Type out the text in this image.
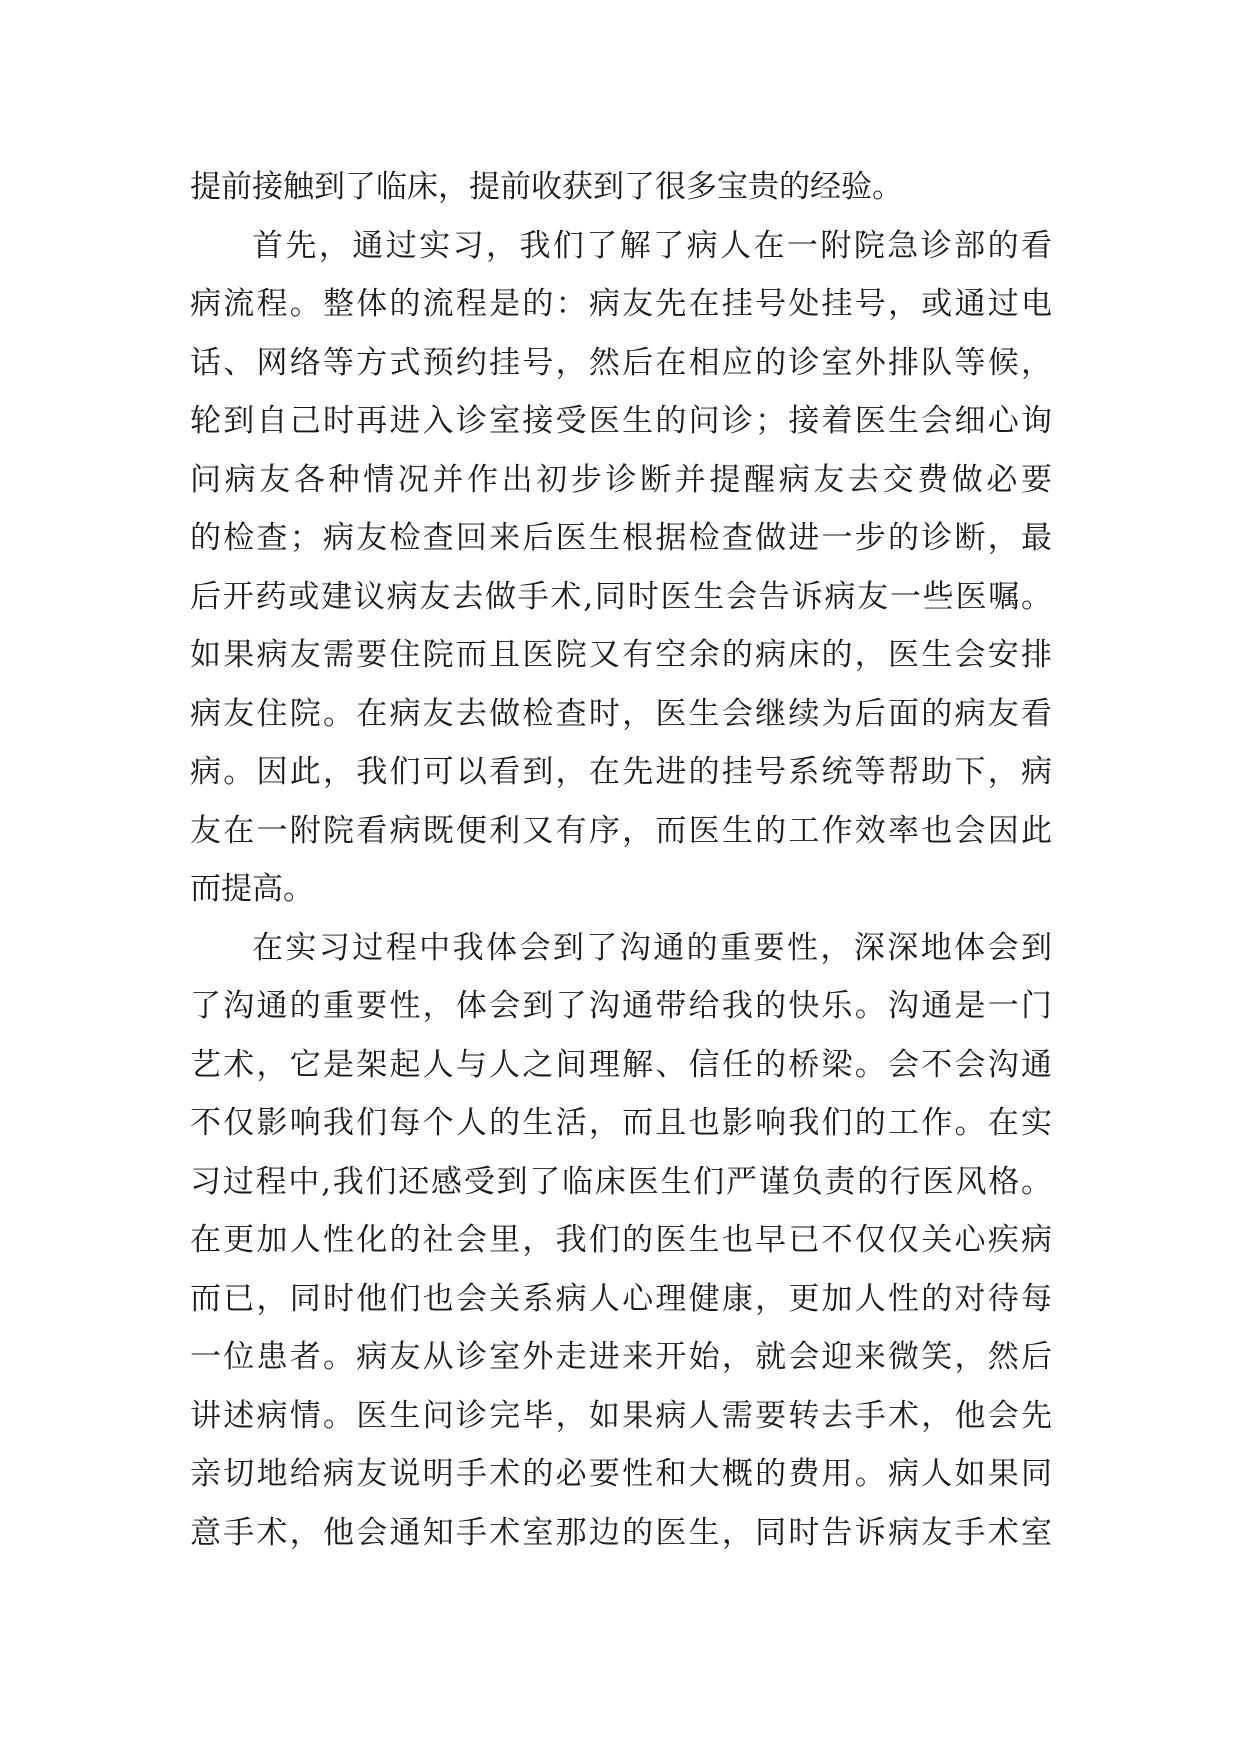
提前接触到了临床，提前收获到了很多宝贵的经验。
首先，通过实习，我们了解了病人在一附院急诊部的看
病流程。整体的流程是的：病友先在挂号处挂号，或通过电
话、网络等方式预约挂号，然后在相应的诊室外排队等候，
轮到自己时再进入诊室接受医生的问诊；接着医生会细心询
问病友各种情况并作出初步诊断并提醒病友去交费做必要
的检查；病友检查回来后医生根据检查做进一步的诊断，最
后开药或建议病友去做手术,同时医生会告诉病友一些医嘱。
如果病友需要住院而且医院又有空余的病床的，医生会安排
病友住院。在病友去做检查时，医生会继续为后面的病友看
病。因此，我们可以看到，在先进的挂号系统等帮助下，病
友在一附院看病既便利又有序，而医生的工作效率也会因此
而提高。
在实习过程中我体会到了沟通的重要性，深深地体会到
了沟通的重要性，体会到了沟通带给我的快乐。沟通是一门
艺术，它是架起人与人之间理解、信任的桥梁。会不会沟通
不仅影响我们每个人的生活，而且也影响我们的工作。在实
习过程中,我们还感受到了临床医生们严谨负责的行医风格。
在更加人性化的社会里，我们的医生也早已不仅仅关心疾病
而已，同时他们也会关系病人心理健康，更加人性的对待每
一位患者。病友从诊室外走进来开始，就会迎来微笑，然后
讲述病情。医生问诊完毕，如果病人需要转去手术，他会先
亲切地给病友说明手术的必要性和大概的费用。病人如果同
意手术，他会通知手术室那边的医生，同时告诉病友手术室
